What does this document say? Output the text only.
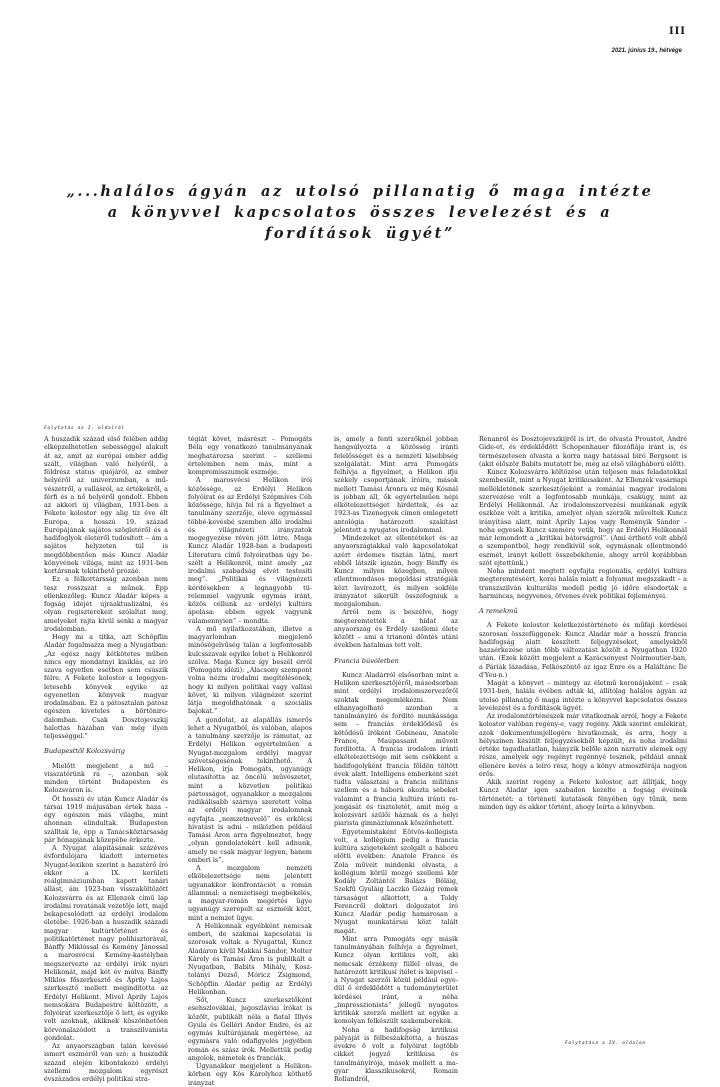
III
2021. június 19., hétvége
„...halálos ágyán az utolsó pillanatig ő maga intézte a könyvvel kapcsolatos összes levelezést és a fordítások ügyét”
Folytatás az I. oldalról

A huszadik század első felében addig elképzelhetetlen sebességgel alakult át az, amit az európai ember addig szált, világban való helyéről, a földrész status quójáról, az ember helyéről az univerzumban, a művészetről, a vallásról, az értékekről, a férfi és a nő helyéről gondolt. Ebben az akkori új világban, 1931-ben a Fekete kolostor egy alig tíz éve élt Európa, a hosszú 19. század Európájának sajátos szögletéről és a hadifoglyok életéről tudósított – ám a sajátos helyzeten túl is megdöbbentően más Kuncz Aladár könyvének világa, mint az 1931-ben kortársnak tekinthető prózáé.

Ez a félkortársság azonban nem tesz rosszszat a műnek. Épp ellenkezőleg: Kuncz Aladár képes a fogság idejét újraaktualizálni, és olyan regiszterekeit szólaltat meg, amelyeket rajta kívül senki a magyar irodalomban.

Hogy mi a titka, azt Schöpflin Aladár fogalmazza meg a Nyugatban: „Az egész nagy kétkötetes műben nincs egy mondatnyi kisiklás, az író szava egyetlen esetben sem csúszik félre. A Fekete kolostor a legegyenletesebb könyvek egyike az egyenetlen könyvek magyar irodalmában. Ez a pátosztalan pátosz egészen kiveteles a börtönirodalomban. Csak Dosztojevszkij halottas házában van még ilyen teljességgel.”

Budapesttől Kolozsvárig

Mielőtt megjelent a mű – visszatérünk rá –, azonban sok minden történt Budapesten és Kolozsváron is.

Öt hosszú év után Kuncz Aladár és társai 1919 májusában értek haza – egy egészen más világba, mint ahonnan elindultak. Budapesten szálltak le, épp a Tanácsköztársaság pár hónapjának közepébe érkezte.

A Nyugat alapításának százéves évfordulójára kiadott internetes Nyugat-lexikon szerint a hazatérő író ekkor a IX. kerületi reálgimnáziumban kapott tanári állást, ám 1923-ban visszaköltözött Kolozsvárra és az Ellenzék című lap irodalmi rovatának vezetője lett, majd bekapcsolódott az erdélyi irodalom életébe: 1926-ban a huszadik századi magyar kultúrtörténet és politikatörténet nagy polihisztorával, Bánffy Miklóssal és Kemény Jánossal a marosvécsi Kemény-kastélyban megszervezte az erdélyi írók nyári Helikonát, majd két év múlva Bánffy Miklós főszerkesztő és Áprily Lajos szerkesztő mellett megindította az Erdélyi Helikont. Mivel Áprily Lajos nemsokára Budapestre költözött, a folyóirat szerkesztője ő lett, és egyike volt azoknak, akiknek köszönhetően körvonalazódott a transzilvanista gondolat.

Az anyaországban talán kevéssé ismert eszméről van szó: a huszadik század elején kibontakozó erdélyi szellemi mozgalom egyrészt évszázados erdélyi politikai stra-

tégiát követ, másrészt – Pomogáts Béla egy vonatkozó tanulmányának meghatározsa szerint – szellemi értelemben nem más, mint a kompromisszumok eszméje.

A marosvécsi Helikon írói közössége, az Erdélyi Helikon folyóirat és az Erdélyi Szépmíves Céh közössége, hívja fel rá a figyelmet a tanulmány szerzője, eleve egymással többé-kevésbé szemben álló irodalmi és világnézeti irányzatok megegyezése révén jött létre. Maga Kuncz Aladár 1928-ban a budapesti Literatura című folyóiratban úgy beszélt a Helikonról, mint amely „az irodalmi szabadság elvét testesíti meg”. „Politikai és világnézeti kérdésekben a legnagyobb türelemmel vagyunk egymás iránt, közös céllunk az erdélyi kultúra ápolása: ebben egyek vagyunk valamennyien” – mondta.

A mű nyilatkozatában, illetve a magyarlomban megjelenő minőségelvűség talán a legfontosabb kulcsszavak egyike lehet a Helikonról szólva. Maga Kuncz így beszél erről (Pomogáts idézi): „Alacsony szempont volna néznı irodalmi megítélésének, hogy ki milyen politikai vagy vallási követ, ki milyen világnézet szerint látja megoldhatónak a szociális bajokat.”

A gondolat, az alapállás ismerős lehet a Nyugatból, és valóban, alapos a tanulmány szerzője is rámutat, az Erdélyi Helikon egyértelműen a Nyugat-mozgalom erdélyi magyar szövetségesének tekinthető. A Helikon, írja Pomogáts, ugyanúgy elutasította az öncélú művészetet, mint a közvetlen politikai pártosságot, ugyanakkor a mozgalom radikálisabb szárnya szeretett volna az erdélyi magyar irodalomnak egyfajta „nemzetnevelő” és erkölcsi hivatást is adni – miközben például Tamási Áron arra figyelmeztet, hogy „olyan gondolatokért kell adnunk, amely ne csak magyar legyen, hanem emberi is”.

A mozgalom nemzeti elkötelezettsége nem jelentett ugyanakkor konfrontációt a román állammal: a nemzetiségi megbékélés, a magyar-román megértés ügye ugyanúgy szerepelt az eszméik közt, mint a nemzet ügye.

A Helikonnak egyébként nemcsak emberi, de szakmai kapcsolatai is szorosak voltak a Nyugattal, Kuncz Aladáron kívül Makkai Sándor, Molter Károly és Tamási Áron is publikált a Nyugatban, Babits Mihály, Kosztolányi Dezső, Móricz Zsigmond, Schöpflin Aladár pedig az Erdélyi Helikonban.

Sőt, Kuncz szerkesztőként esehszlovákiai, jugoszláviai írókat is közölt, publikált néla a fiatal Illyés Gyula és Gelléri Andor Endre, és az egymás kultúrájának megértése, az egymásra való odafigyelés jegyében román és szász írók. Mellettük pedig angolok, németek és franciák.

Ugyanakkor megjelent a Helikon-körben egy Kós Károlyhoz köthető irányzat

is, amely a fenti szerzőknél jobban hangsúlyozta a közösség iránti felelősséget és a nemzeti kisebbség szolgálatát. Mint arra Pomogáts felhívja a figyelmet, a Helikon ifjú székely csoportjának íróira, mások mellett Tamási Áronra ez még Kósnál is jobban áll, ők egyértelműen népi elkötelezettséget hirdettek, és az 1923-as Tizenegyek címen emlegetett antológia határozott szakítást jelentett a nyugatos irodalommal.

Mindezeket az ellentéteket és az anyaországiakkal való kapcsolatokat azért érdemes tisztán látni, mert ebből látszik igazán, hogy Bánffy és Kuncz milyen közegben, milyen ellentmondásos megoldási stratégiák közt lavírozott, és milyen sokféle irányzatot sikerült összefogniuk a mozgalomban.

Arról nem is beszélve, hogy megteremtették a hidat az anyaország és Erdély szellemi élete között – ami a trianoni döntés utáni években hatalmas tett volt.

Francia búvóletben

Kuncz Aladárról elsősorban mint a Helikon szerkesztőjéről, másodsorban mint erdélyi irodalomszervezőről szoktak megemlékezni. Nem elhanyagolható azonban a tanulmányíró és fordító munkássága sem – franciás érdeklődésű és kötődésű íróként Gobineau, Anatole France, Maupassant műveit fordította. A francia irodalom iránti elkötelezettsége mit sem csökkent a hadifogolyként francia földön töltött évek alatt. Intelligens emberként szét tudta választani a francia militáns szellem és a háború okozta sebeket valamint a francia kultúra iránti rajongását és tiszteletét, amit még a kolozsvári szülői háznak és a helyi piarista gimnáziumnak köszönhetett.

Egyetemistaként Eötvös-kollégista volt, a kollégium pedig a francia kultúra szigeteként szolgált a háború előtti években: Anatole France és Zola műveit mindenki olvasta, a kollégium körül mozgó szellemi kör Kodály Zoltántól Balázs Béláig, Szekfű Gyuláig Laczkó Gézáig remek társaságot alkottott, a Toldy Ferencről doktori dolgozatot író Kuncz Aladár pedig hamarosan a Nyugat munkatársai közt talált magát.

Mint arra Pomogáts egy másik tanulmányában felhívja a figyelmet, Kuncz olyan kritikus volt, aki nemcsak érzékeny füllel olvas, de határozott kritikusi ítélet is képvisel – a Nyugat szerzői közül például egyedül ő érdeklődött a tudományterület kérdései iránt, a néha „impresszionista” jellegű nyugatos kritikák szerzői mellett az egyike a komolyan felkészült szakemberekek.

Noha a hadifogság kritikusi pályáját is félbeszakította, a húszas évekre ő volt a folyóirat legtöbb cikket jegyző kritikusa és tanulmányírója, mások mellett a magyar klasszikusokról, Romain Rollandról,

Renanról és Dosztojevszkijről is írt, de olvasta Proustot, André Gide-et, és érdeklődött Schopenhauer filozófiája iránt is, és természetesen olvasta a korra nagy hatással bíró Bergsont is (akit először Babits mutatott be, még az első világháború előtt).

Kuncz Kolozsvárra költözése után teljesen más feladatokkal szembesült, mint a Nyugat kritikusaként. Az Ellenzék vasárnapi mellékletének szerkesztőjeként a romániai magyar irodalom szervezése volt a legfontosabb munkája, csakúgy, mint az Erdélyi Helikonnál. Az irodalomszervezési munkának egyik eszköze volt a kritika, amelyet olyan szerzők műveltek Kuncz irányítása alatt, mint Áprily Lajos vagy Reményik Sándor – noha egyesek Kuncz szemére vetik, hogy az Erdélyi Helikonnál már lemondott a „kritikai bátorságról”. (Ami érthető volt abból a szempontból, hogy rendkívül sok, egymásnak ellentmondó eszmét, irányt kellett összebékítenie, ahogy arról korábbban szót ejtettünk.)

Noha mindent megtett egyfajta regionális, erdélyi kultúra megteremtéséért, korai halála miatt a folyamat megszakadt – a transzszilván kulturális modell pedig jó időre elsodorták a harmincas, negyvenes, ötvenes évek politikai fejleményei.

A remekmű

A Fekete kolostor keletkezéstörténete és műfaji kérdései szorosan összefüggenek: Kuncz Aladár már a hosszú francia hadifogság alatt készített feljegyzéseket, amelyekből hazaérkezése után több változatást közölt a Nyugatban 1920 után. (Ezek között megjelent a Karácsonyest Noirmoutier-ban, a Páriák lázadása, Felkószöntő az igaz Énre és a Haláltánc Île d'Yeu-n.)

Magát a könyvet – mintegy az életmű koronájaként – csak 1931-ben, halála évében adták ki, állítólag halálos ágyán az utolsó pillanatig ő maga intézte a könyvvel kapcsolatos összes levelezést és a fordítások ügyét.

Az irodalomtörténészek már vitatkoznak arról, hogy a Fekete kolostor valóban regény-e, vagy regény. Akik szerint emlékirat, azok dokumentumjellegére hivatkoznak, és arra, hogy a helyszínen készült feljegyzésekből képzült, és noha irodalmi értéke tagadhatatlan, hiányzik belőle azon narratív elemek egy része, amelyek egy regényt regénnyé tesznek, például annak ellenére kevés a leíró rész, hogy a könyv atmoszférája nagyon erős.

Akik szerint regény a Fekete kolostor, azt állítják, hogy Kuncz Aladár igen szabadon kezelte a fogság éveinek történetét: a történetí kutatások fényében úgy tűnik, nem minden úgy és akkor történt, ahogy leírta a könyvben.

Folytatása a IV. oldalon
